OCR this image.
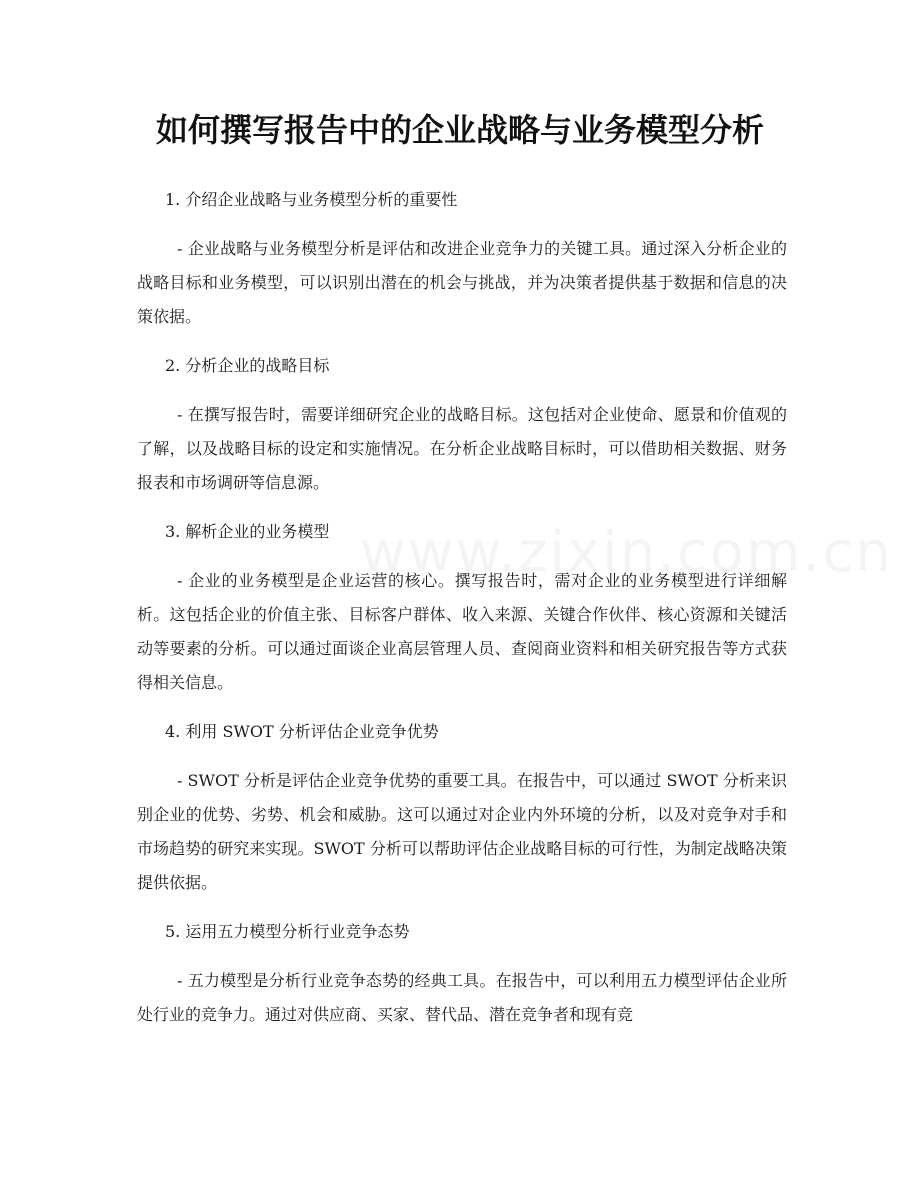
如何撰写报告中的企业战略与业务模型分析

1. 介绍企业战略与业务模型分析的重要性

- 企业战略与业务模型分析是评估和改进企业竞争力的关键工具。通过深入分析企业的战略目标和业务模型，可以识别出潜在的机会与挑战，并为决策者提供基于数据和信息的决策依据。

2. 分析企业的战略目标

- 在撰写报告时，需要详细研究企业的战略目标。这包括对企业使命、愿景和价值观的了解，以及战略目标的设定和实施情况。在分析企业战略目标时，可以借助相关数据、财务报表和市场调研等信息源。

3. 解析企业的业务模型

- 企业的业务模型是企业运营的核心。撰写报告时，需对企业的业务模型进行详细解析。这包括企业的价值主张、目标客户群体、收入来源、关键合作伙伴、核心资源和关键活动等要素的分析。可以通过面谈企业高层管理人员、查阅商业资料和相关研究报告等方式获得相关信息。

4. 利用 SWOT 分析评估企业竞争优势

- SWOT 分析是评估企业竞争优势的重要工具。在报告中，可以通过 SWOT 分析来识别企业的优势、劣势、机会和威胁。这可以通过对企业内外环境的分析，以及对竞争对手和市场趋势的研究来实现。SWOT 分析可以帮助评估企业战略目标的可行性，为制定战略决策提供依据。

5. 运用五力模型分析行业竞争态势

- 五力模型是分析行业竞争态势的经典工具。在报告中，可以利用五力模型评估企业所处行业的竞争力。通过对供应商、买家、替代品、潜在竞争者和现有竞
